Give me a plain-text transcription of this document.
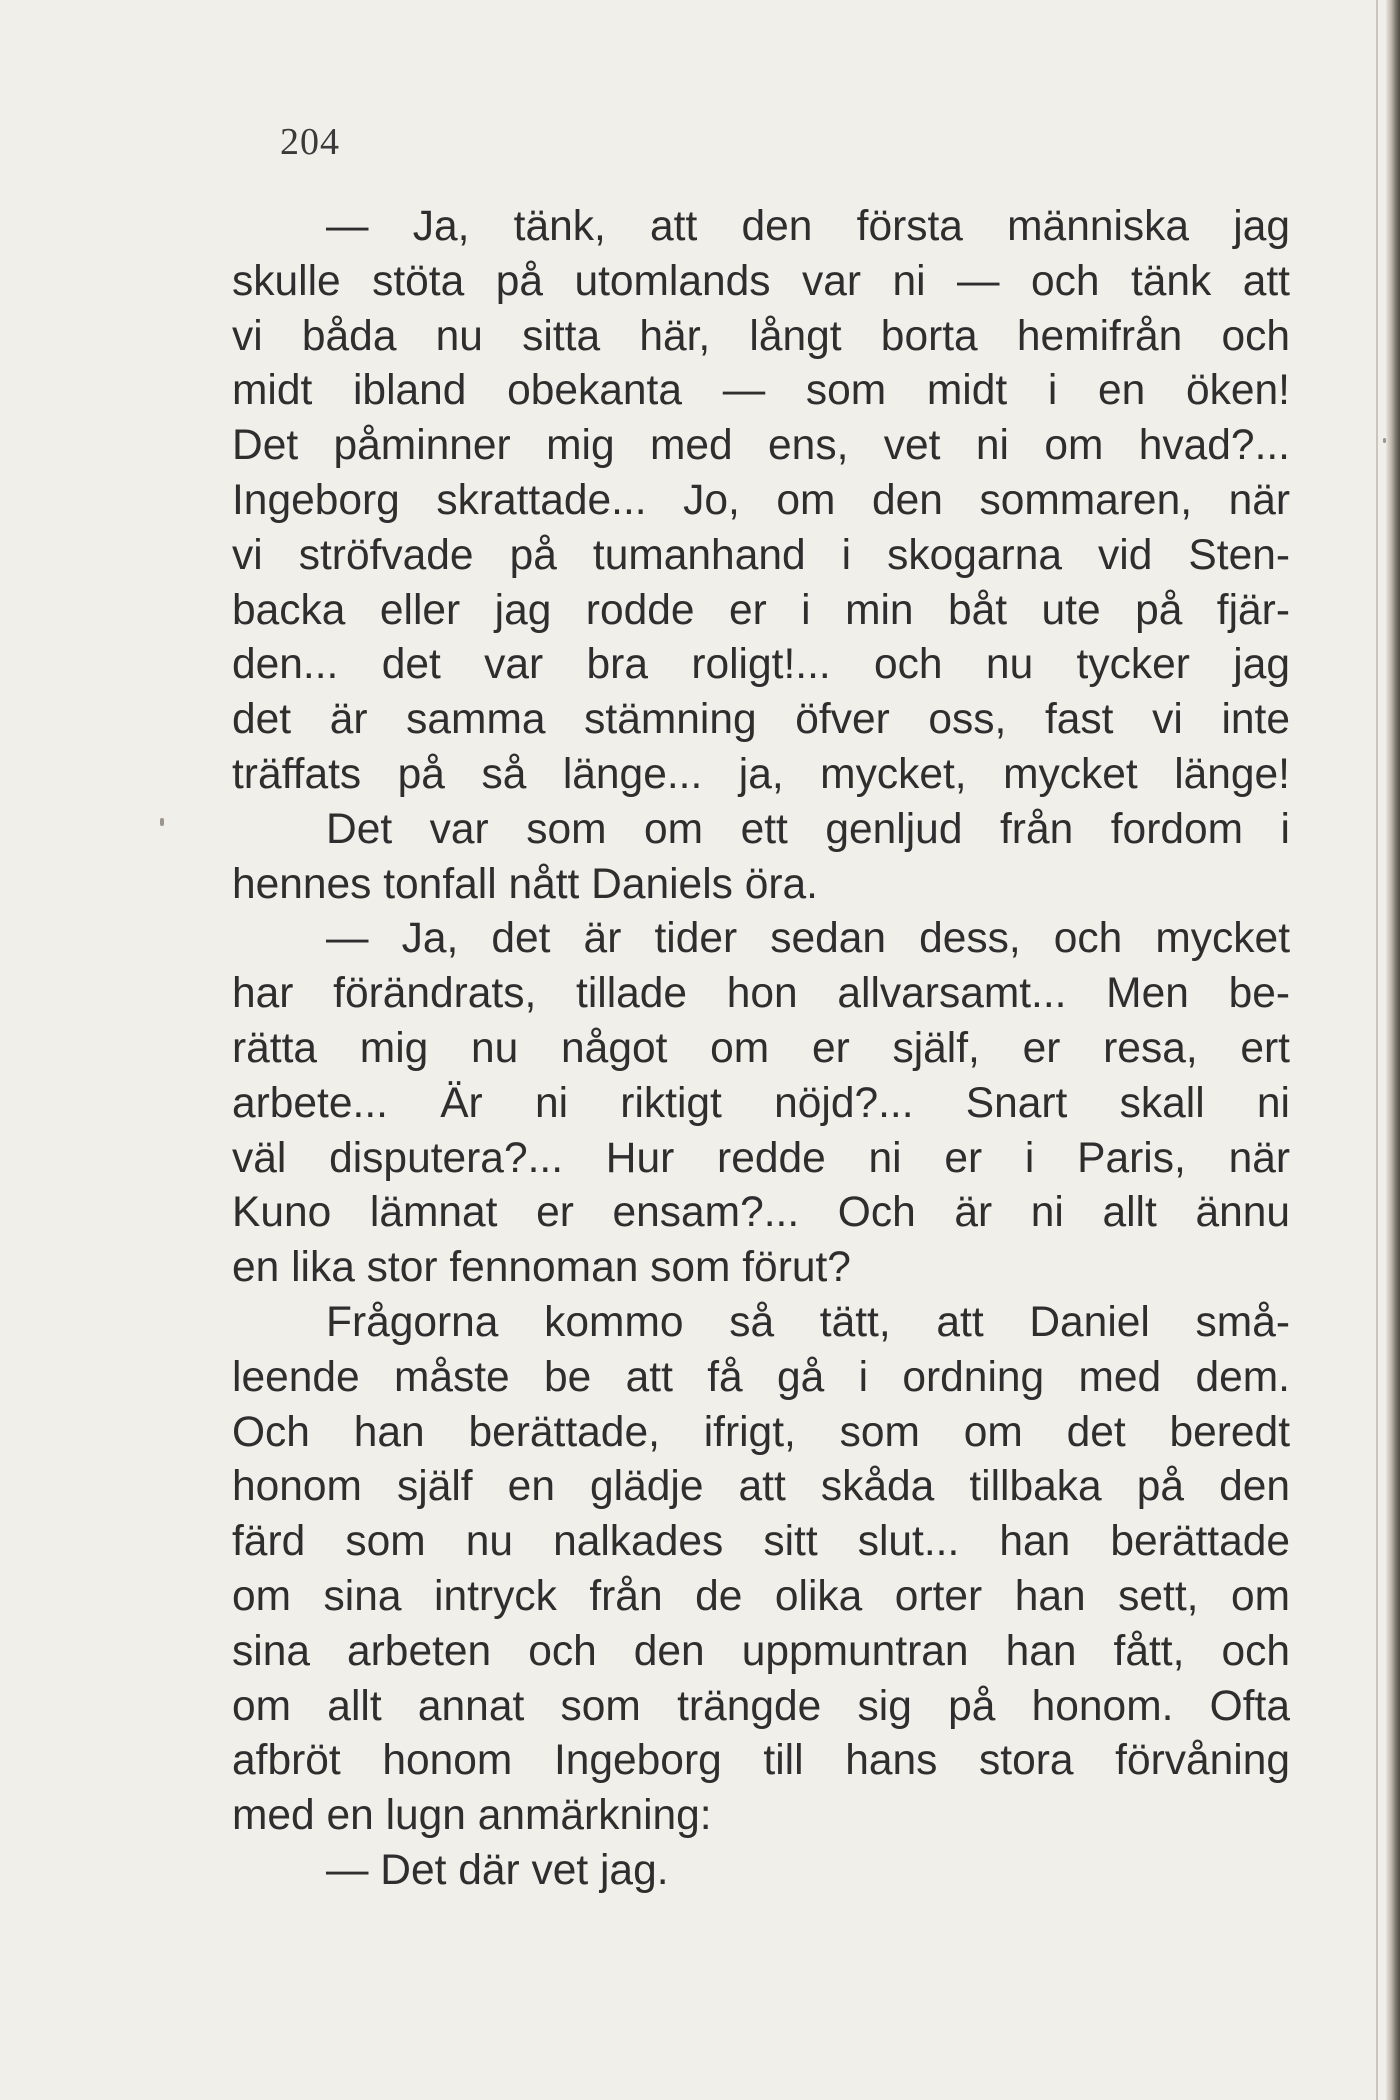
204
— Ja, tänk, att den första människa jag
skulle stöta på utomlands var ni — och tänk att
vi båda nu sitta här, långt borta hemifrån och
midt ibland obekanta — som midt i en öken!
Det påminner mig med ens, vet ni om hvad?...
Ingeborg skrattade... Jo, om den sommaren, när
vi ströfvade på tumanhand i skogarna vid Sten-
backa eller jag rodde er i min båt ute på fjär-
den... det var bra roligt!... och nu tycker jag
det är samma stämning öfver oss, fast vi inte
träffats på så länge... ja, mycket, mycket länge!
Det var som om ett genljud från fordom i
hennes tonfall nått Daniels öra.
— Ja, det är tider sedan dess, och mycket
har förändrats, tillade hon allvarsamt... Men be-
rätta mig nu något om er själf, er resa, ert
arbete... Är ni riktigt nöjd?... Snart skall ni
väl disputera?... Hur redde ni er i Paris, när
Kuno lämnat er ensam?... Och är ni allt ännu
en lika stor fennoman som förut?
Frågorna kommo så tätt, att Daniel små-
leende måste be att få gå i ordning med dem.
Och han berättade, ifrigt, som om det beredt
honom själf en glädje att skåda tillbaka på den
färd som nu nalkades sitt slut... han berättade
om sina intryck från de olika orter han sett, om
sina arbeten och den uppmuntran han fått, och
om allt annat som trängde sig på honom. Ofta
afbröt honom Ingeborg till hans stora förvåning
med en lugn anmärkning:
— Det där vet jag.
